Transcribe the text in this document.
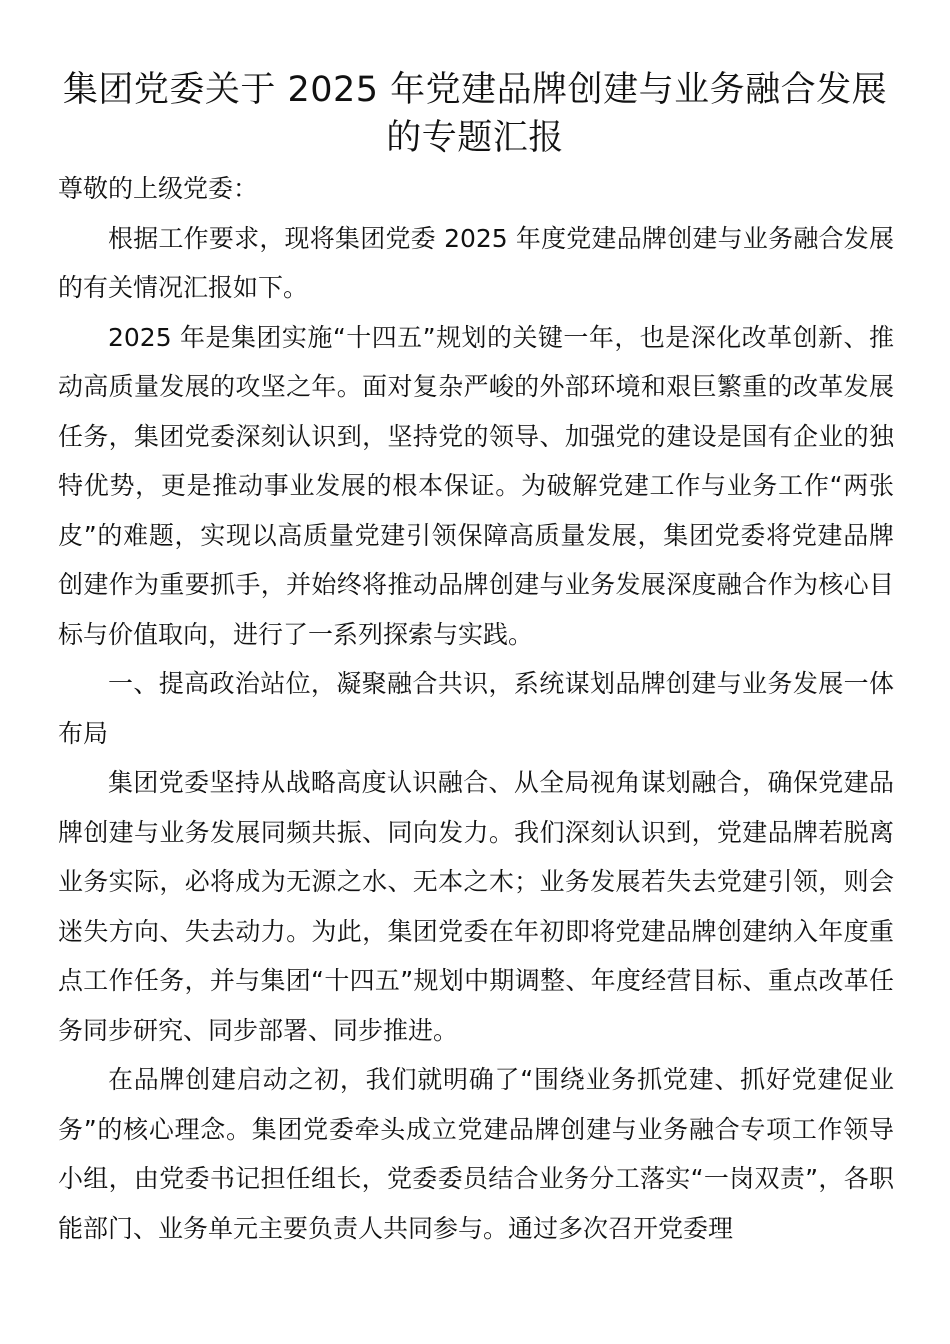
集团党委关于 2025 年党建品牌创建与业务融合发展
的专题汇报

尊敬的上级党委：

根据工作要求，现将集团党委 2025 年度党建品牌创建与业务融合发展的有关情况汇报如下。

2025 年是集团实施“十四五”规划的关键一年，也是深化改革创新、推动高质量发展的攻坚之年。面对复杂严峻的外部环境和艰巨繁重的改革发展任务，集团党委深刻认识到，坚持党的领导、加强党的建设是国有企业的独特优势，更是推动事业发展的根本保证。为破解党建工作与业务工作“两张皮”的难题，实现以高质量党建引领保障高质量发展，集团党委将党建品牌创建作为重要抓手，并始终将推动品牌创建与业务发展深度融合作为核心目标与价值取向，进行了一系列探索与实践。

一、提高政治站位，凝聚融合共识，系统谋划品牌创建与业务发展一体布局

集团党委坚持从战略高度认识融合、从全局视角谋划融合，确保党建品牌创建与业务发展同频共振、同向发力。我们深刻认识到，党建品牌若脱离业务实际，必将成为无源之水、无本之木；业务发展若失去党建引领，则会迷失方向、失去动力。为此，集团党委在年初即将党建品牌创建纳入年度重点工作任务，并与集团“十四五”规划中期调整、年度经营目标、重点改革任务同步研究、同步部署、同步推进。

在品牌创建启动之初，我们就明确了“围绕业务抓党建、抓好党建促业务”的核心理念。集团党委牵头成立党建品牌创建与业务融合专项工作领导小组，由党委书记担任组长，党委委员结合业务分工落实“一岗双责”，各职能部门、业务单元主要负责人共同参与。通过多次召开党委理
